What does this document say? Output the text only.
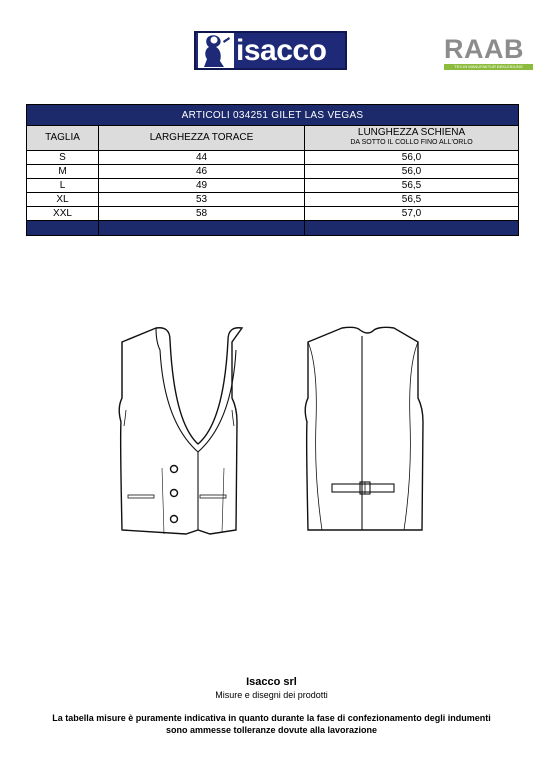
isacco	RAAB
TEX-IN MANUFAKTUR BEKLEIDUNG
ARTICOLI 034251 GILET LAS VEGAS		
TAGLIA	LARGHEZZA TORACE	LUNGHEZZA SCHIENA
DA SOTTO IL COLLO FINO ALL'ORLO

S	44	56,0
M	46	56,0
L	49	56,5
XL	53	56,5
XXL	58	57,0

Isacco srl
Misure e disegni dei prodotti
La tabella misure è puramente indicativa in quanto durante la fase di confezionamento degli indumenti
sono ammesse tolleranze dovute alla lavorazione
